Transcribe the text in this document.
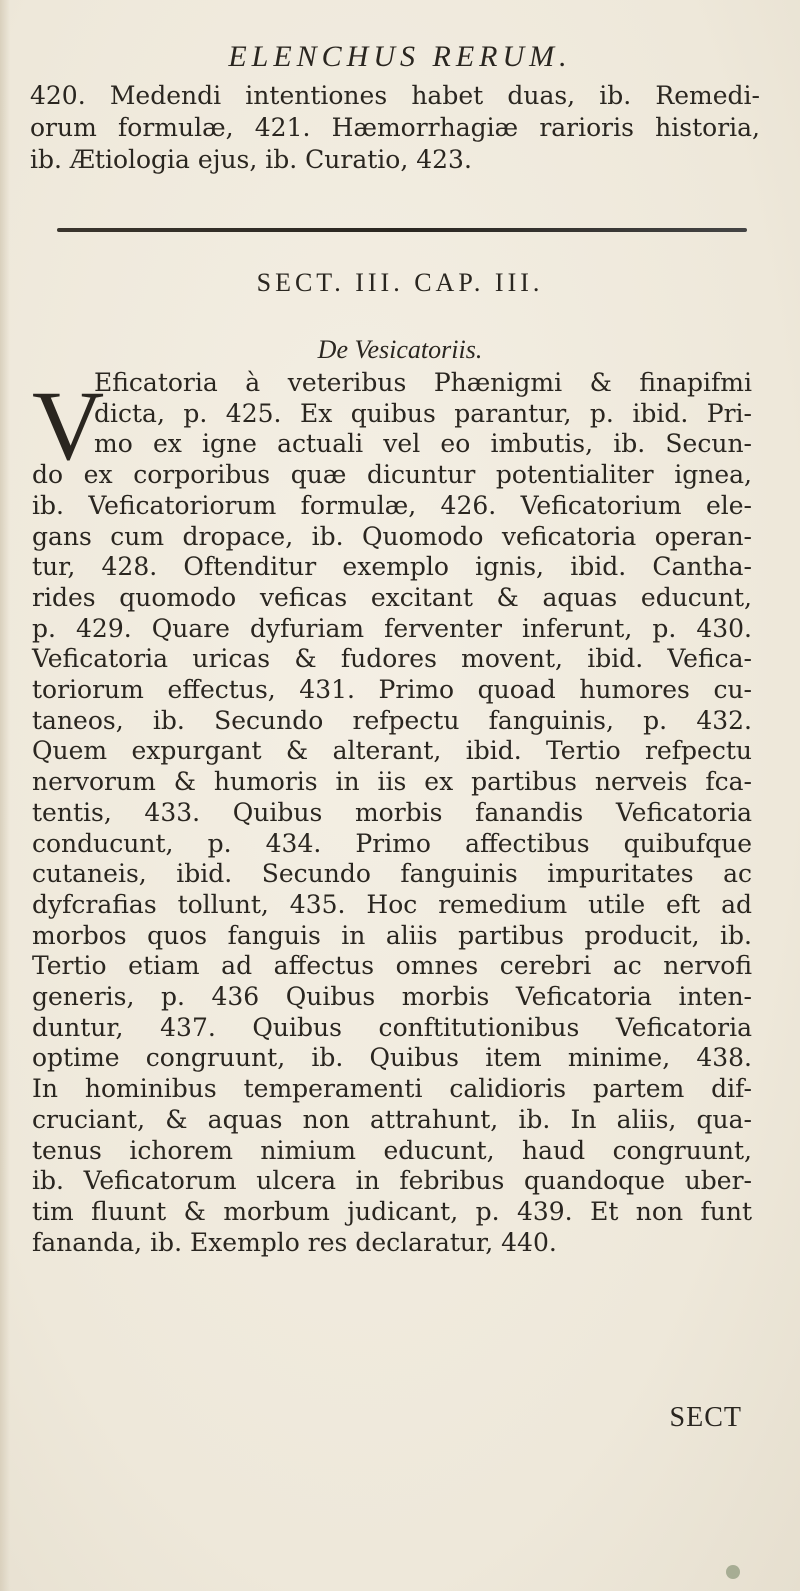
ELENCHUS RERUM.
420. Medendi intentiones habet duas, ib. Remedi-
orum formulæ, 421. Hæmorrhagiæ rarioris historia,
ib. Ætiologia ejus, ib. Curatio, 423.
SECT. III. CAP. III.
De Vesicatoriis.
V
Eficatoria à veteribus Phænigmi & finapifmi
dicta, p. 425. Ex quibus parantur, p. ibid. Pri-
mo ex igne actuali vel eo imbutis, ib. Secun-
do ex corporibus quæ dicuntur potentialiter ignea,
ib. Veficatoriorum formulæ, 426. Veficatorium ele-
gans cum dropace, ib. Quomodo veficatoria operan-
tur, 428. Oftenditur exemplo ignis, ibid. Cantha-
rides quomodo veficas excitant & aquas educunt,
p. 429. Quare dyfuriam ferventer inferunt, p. 430.
Veficatoria uricas & fudores movent, ibid. Vefica-
toriorum effectus, 431. Primo quoad humores cu-
taneos, ib. Secundo refpectu fanguinis, p. 432.
Quem expurgant & alterant, ibid. Tertio refpectu
nervorum & humoris in iis ex partibus nerveis fca-
tentis, 433. Quibus morbis fanandis Veficatoria
conducunt, p. 434. Primo affectibus quibufque
cutaneis, ibid. Secundo fanguinis impuritates ac
dyfcrafias tollunt, 435. Hoc remedium utile eft ad
morbos quos fanguis in aliis partibus producit, ib.
Tertio etiam ad affectus omnes cerebri ac nervofi
generis, p. 436 Quibus morbis Veficatoria inten-
duntur, 437. Quibus conftitutionibus Veficatoria
optime congruunt, ib. Quibus item minime, 438.
In hominibus temperamenti calidioris partem dif-
cruciant, & aquas non attrahunt, ib. In aliis, qua-
tenus ichorem nimium educunt, haud congruunt,
ib. Veficatorum ulcera in febribus quandoque uber-
tim fluunt & morbum judicant, p. 439. Et non funt
fananda, ib. Exemplo res declaratur, 440.
SECT
